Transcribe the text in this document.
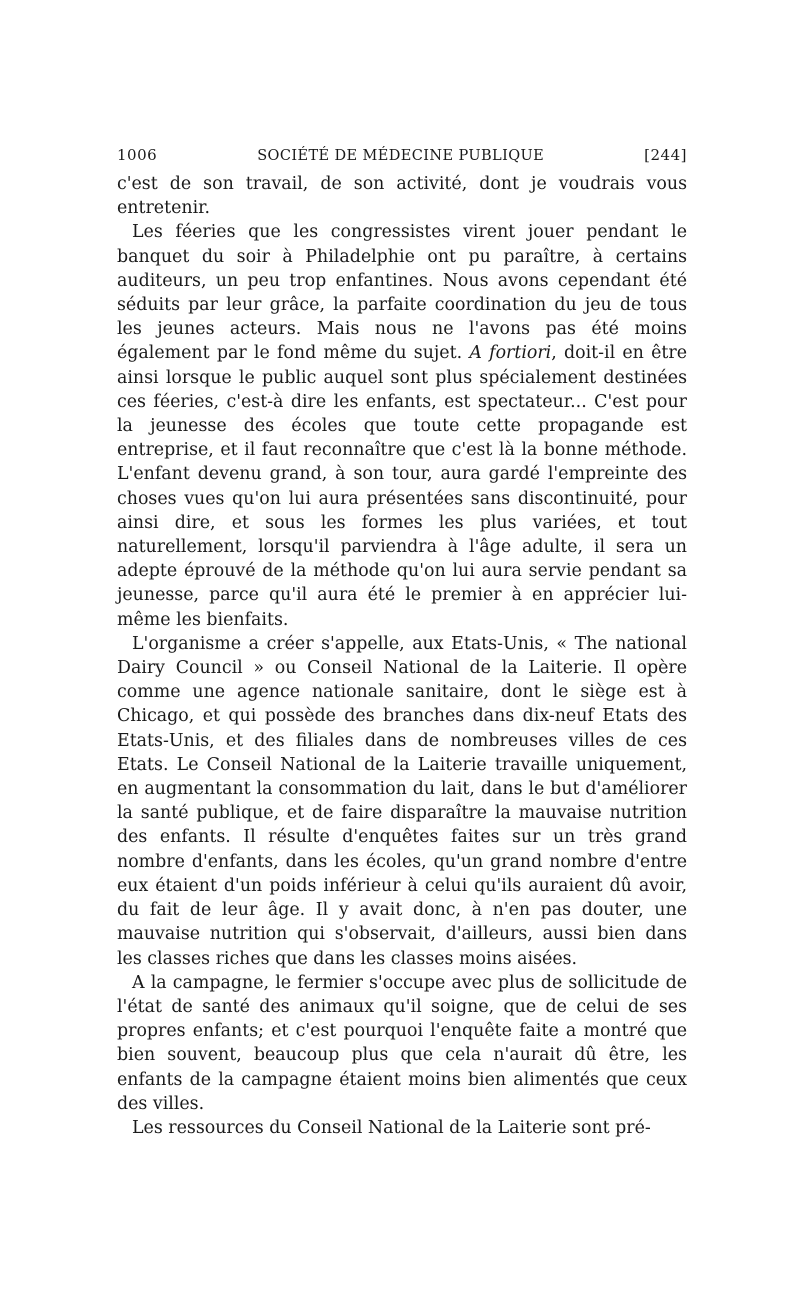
1006	SOCIÉTÉ DE MÉDECINE PUBLIQUE	[244]

c'est de son travail, de son activité, dont je voudrais vous entretenir.

Les féeries que les congressistes virent jouer pendant le banquet du soir à Philadelphie ont pu paraître, à certains auditeurs, un peu trop enfantines. Nous avons cependant été séduits par leur grâce, la parfaite coordination du jeu de tous les jeunes acteurs. Mais nous ne l'avons pas été moins également par le fond même du sujet. A fortiori, doit-il en être ainsi lorsque le public auquel sont plus spécialement destinées ces féeries, c'est-à dire les enfants, est spectateur... C'est pour la jeunesse des écoles que toute cette propagande est entreprise, et il faut reconnaître que c'est là la bonne méthode. L'enfant devenu grand, à son tour, aura gardé l'empreinte des choses vues qu'on lui aura présentées sans discontinuité, pour ainsi dire, et sous les formes les plus variées, et tout naturellement, lorsqu'il parviendra à l'âge adulte, il sera un adepte éprouvé de la méthode qu'on lui aura servie pendant sa jeunesse, parce qu'il aura été le premier à en apprécier lui-même les bienfaits.

L'organisme a créer s'appelle, aux Etats-Unis, « The national Dairy Council » ou Conseil National de la Laiterie. Il opère comme une agence nationale sanitaire, dont le siège est à Chicago, et qui possède des branches dans dix-neuf Etats des Etats-Unis, et des filiales dans de nombreuses villes de ces Etats. Le Conseil National de la Laiterie travaille uniquement, en augmentant la consommation du lait, dans le but d'améliorer la santé publique, et de faire disparaître la mauvaise nutrition des enfants. Il résulte d'enquêtes faites sur un très grand nombre d'enfants, dans les écoles, qu'un grand nombre d'entre eux étaient d'un poids inférieur à celui qu'ils auraient dû avoir, du fait de leur âge. Il y avait donc, à n'en pas douter, une mauvaise nutrition qui s'observait, d'ailleurs, aussi bien dans les classes riches que dans les classes moins aisées.

A la campagne, le fermier s'occupe avec plus de sollicitude de l'état de santé des animaux qu'il soigne, que de celui de ses propres enfants; et c'est pourquoi l'enquête faite a montré que bien souvent, beaucoup plus que cela n'aurait dû être, les enfants de la campagne étaient moins bien alimentés que ceux des villes.

Les ressources du Conseil National de la Laiterie sont pré-
